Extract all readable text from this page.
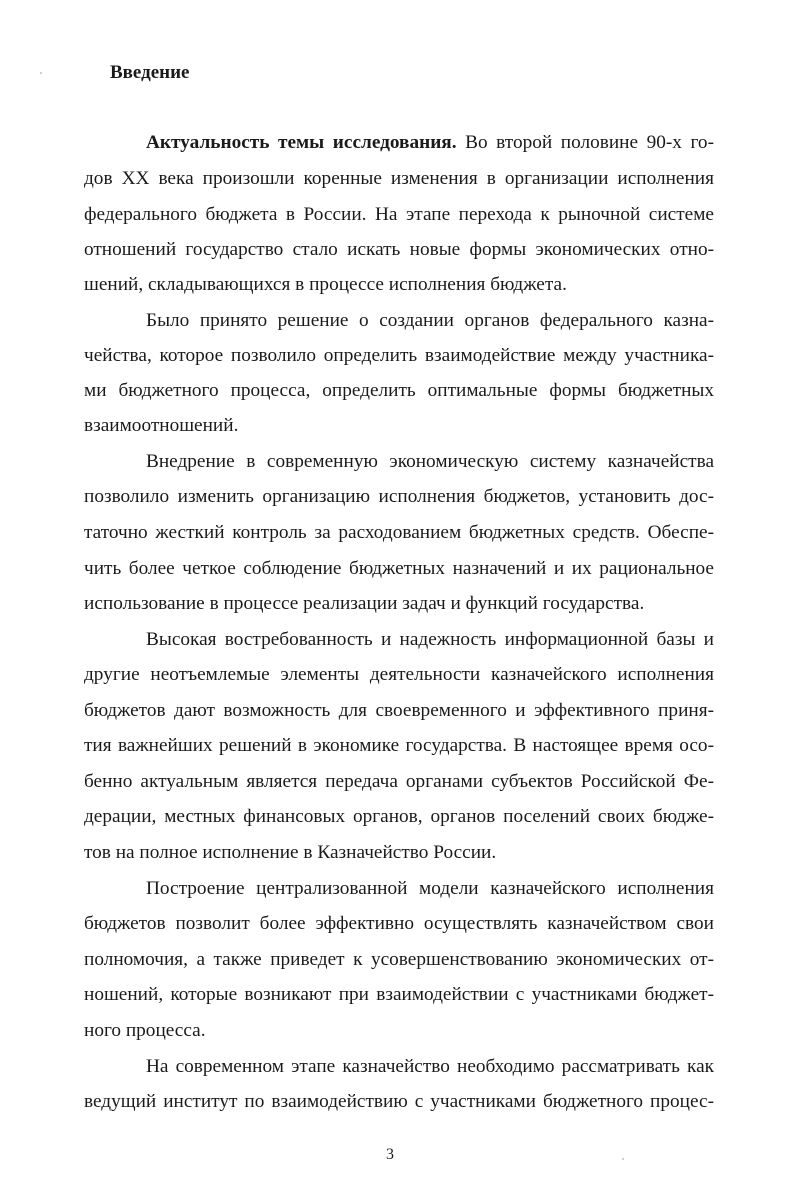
Введение
Актуальность темы исследования. Во второй половине 90-х го-
дов XX века произошли коренные изменения в организации исполнения
федерального бюджета в России. На этапе перехода к рыночной системе
отношений государство стало искать новые формы экономических отно-
шений, складывающихся в процессе исполнения бюджета.
Было принято решение о создании органов федерального казна-
чейства, которое позволило определить взаимодействие между участника-
ми бюджетного процесса, определить оптимальные формы бюджетных
взаимоотношений.
Внедрение в современную экономическую систему казначейства
позволило изменить организацию исполнения бюджетов, установить дос-
таточно жесткий контроль за расходованием бюджетных средств. Обеспе-
чить более четкое соблюдение бюджетных назначений и их рациональное
использование в процессе реализации задач и функций государства.
Высокая востребованность и надежность информационной базы и
другие неотъемлемые элементы деятельности казначейского исполнения
бюджетов дают возможность для своевременного и эффективного приня-
тия важнейших решений в экономике государства. В настоящее время осо-
бенно актуальным является передача органами субъектов Российской Фе-
дерации, местных финансовых органов, органов поселений своих бюдже-
тов на полное исполнение в Казначейство России.
Построение централизованной модели казначейского исполнения
бюджетов позволит более эффективно осуществлять казначейством свои
полномочия, а также приведет к усовершенствованию экономических от-
ношений, которые возникают при взаимодействии с участниками бюджет-
ного процесса.
На современном этапе казначейство необходимо рассматривать как
ведущий институт по взаимодействию с участниками бюджетного процес-
3
